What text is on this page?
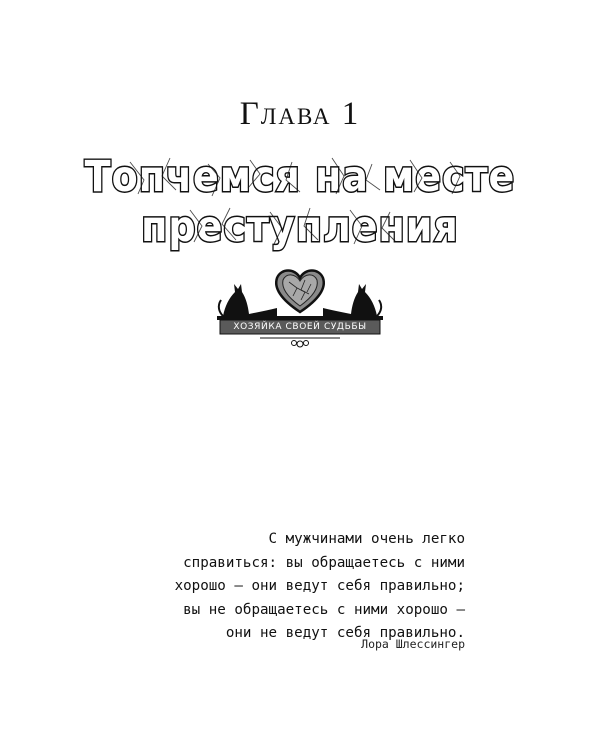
Глава 1
Топчемся на месте
преступления
ХОЗЯЙКА СВОЕЙ СУДЬБЫ
С мужчинами очень легко
справиться: вы обращаетесь с ними
хорошо – они ведут себя правильно;
вы не обращаетесь с ними хорошо –
они не ведут себя правильно.
Лора Шлессингер
